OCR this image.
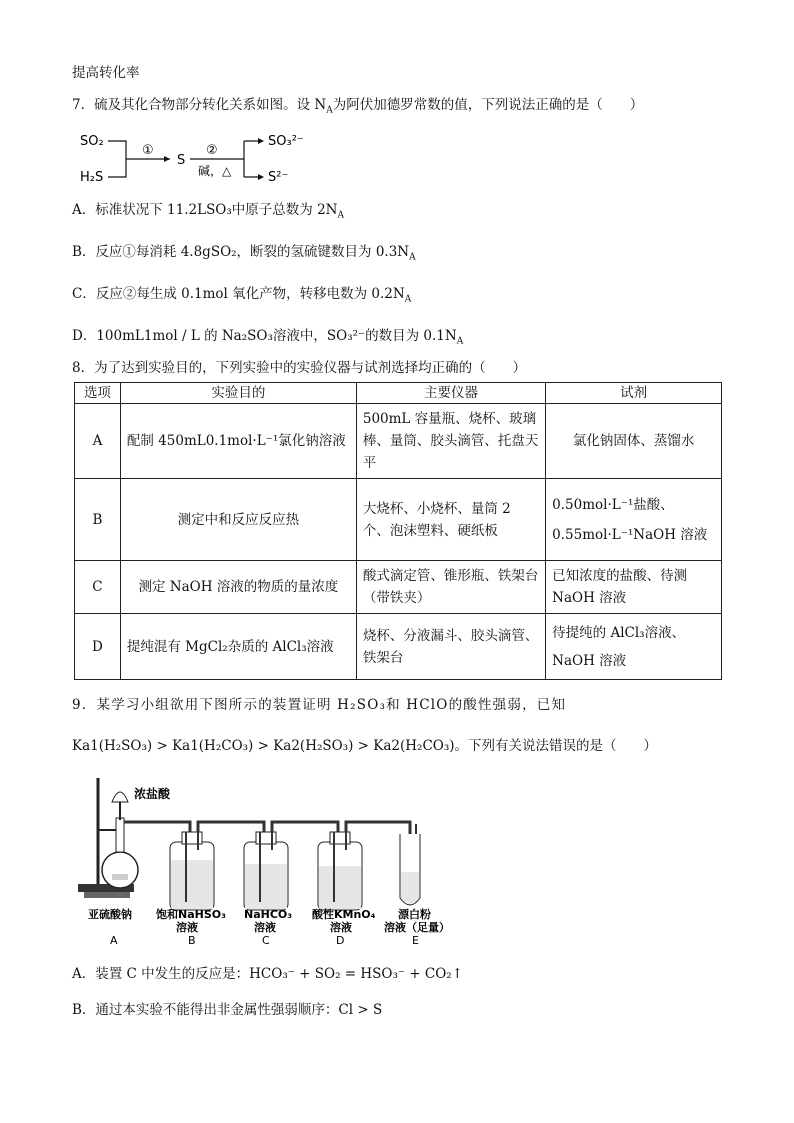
提高转化率
7．硫及其化合物部分转化关系如图。设 $N_A$为阿伏加德罗常数的值，下列说法正确的是（　　）
SO₂
H₂S
①
S
②
碱，△
SO₃²⁻
S²⁻
A．标准状况下 11.2LSO₃中原子总数为 $2N_A$
B．反应①每消耗 4.8gSO₂，断裂的氢硫键数目为 $0.3N_A$
C．反应②每生成 0.1mol 氧化产物，转移电数为 $0.2N_A$
D．100mL1mol / L 的 Na₂SO₃溶液中，SO₃²⁻的数目为 $0.1N_A$
8．为了达到实验目的，下列实验中的实验仪器与试剂选择均正确的（　　）
选项	实验目的	主要仪器	试剂
A	配制 450mL0.1mol·L⁻¹氯化钠溶液	500mL 容量瓶、烧杯、玻璃棒、量筒、胶头滴管、托盘天平	氯化钠固体、蒸馏水
B	测定中和反应反应热	大烧杯、小烧杯、量筒 2 个、泡沫塑料、硬纸板	0.50mol·L⁻¹盐酸、0.55mol·L⁻¹NaOH 溶液
C	测定 NaOH 溶液的物质的量浓度	酸式滴定管、锥形瓶、铁架台（带铁夹）	已知浓度的盐酸、待测 NaOH 溶液
D	提纯混有 MgCl₂杂质的 AlCl₃溶液	烧杯、分液漏斗、胶头滴管、铁架台	待提纯的 AlCl₃溶液、NaOH 溶液
9．某学习小组欲用下图所示的装置证明 H₂SO₃和 HClO的酸性强弱，已知
Ka1(H₂SO₃) > Ka1(H₂CO₃) > Ka2(H₂SO₃) > Ka2(H₂CO₃)。下列有关说法错误的是（　　）
浓盐酸
亚硫酸钠 饱和NaHSO₃ 溶液
NaHCO₃ 溶液
酸性KMnO₄ 溶液
漂白粉溶液（足量）
A	B	C	D	E
A．装置 C 中发生的反应是：HCO₃⁻ + SO₂ = HSO₃⁻ + CO₂↑
B．通过本实验不能得出非金属性强弱顺序：Cl > S
